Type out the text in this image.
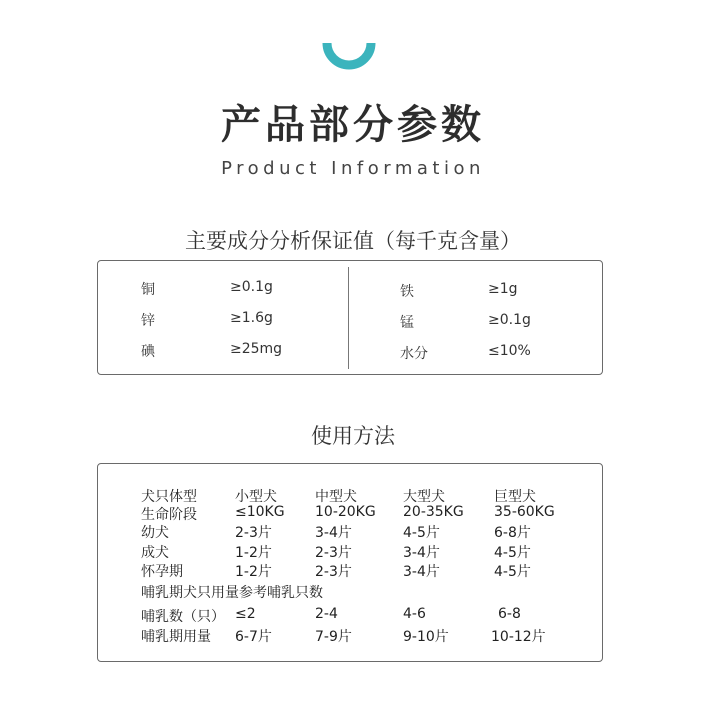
产品部分参数
Product Information
主要成分分析保证值（每千克含量）
铜	≥0.1g
锌	≥1.6g
碘	≥25mg
铁	≥1g
锰	≥0.1g
水分	≤10%
使用方法
犬只体型	小型犬	中型犬	大型犬	巨型犬
生命阶段	≤10KG 10-20KG 20-35KG 35-60KG
幼犬	2-3片	3-4片	4-5片	6-8片
成犬	1-2片	2-3片	3-4片	4-5片
怀孕期	1-2片	2-3片	3-4片	4-5片
哺乳期犬只用量参考哺乳只数
哺乳数（只） ≤2	2-4	4-6	6-8
哺乳期用量 6-7片	7-9片	9-10片	10-12片
